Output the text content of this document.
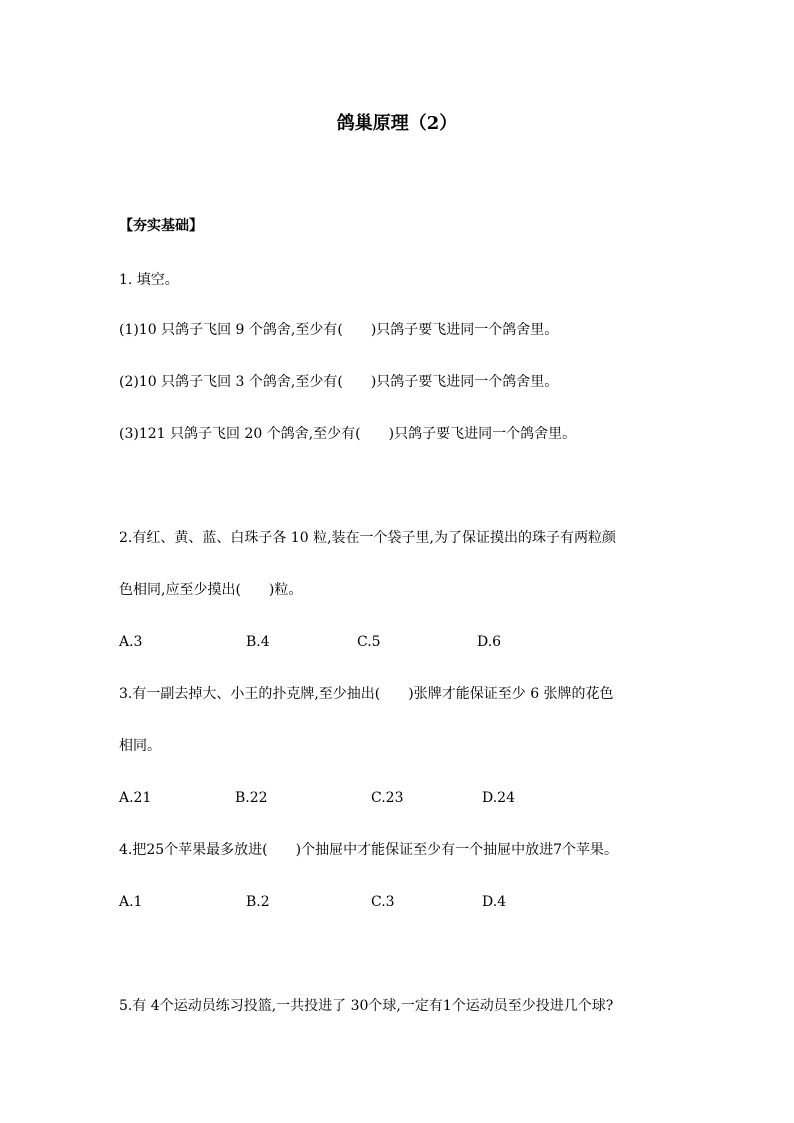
鸽巢原理（2）
【夯实基础】
1. 填空。
(1)10 只鸽子飞回 9 个鸽舍,至少有( )只鸽子要飞进同一个鸽舍里。
(2)10 只鸽子飞回 3 个鸽舍,至少有( )只鸽子要飞进同一个鸽舍里。
(3)121 只鸽子飞回 20 个鸽舍,至少有( )只鸽子要飞进同一个鸽舍里。
2.有红、黄、蓝、白珠子各 10 粒,装在一个袋子里,为了保证摸出的珠子有两粒颜
色相同,应至少摸出( )粒。
A.3	B.4	C.5	D.6
3.有一副去掉大、小王的扑克牌,至少抽出( )张牌才能保证至少 6 张牌的花色
相同。
A.21	B.22	C.23	D.24
4.把25个苹果最多放进( )个抽屉中才能保证至少有一个抽屉中放进7个苹果。
A.1	B.2	C.3	D.4
5.有 4个运动员练习投篮,一共投进了 30个球,一定有1个运动员至少投进几个球?
